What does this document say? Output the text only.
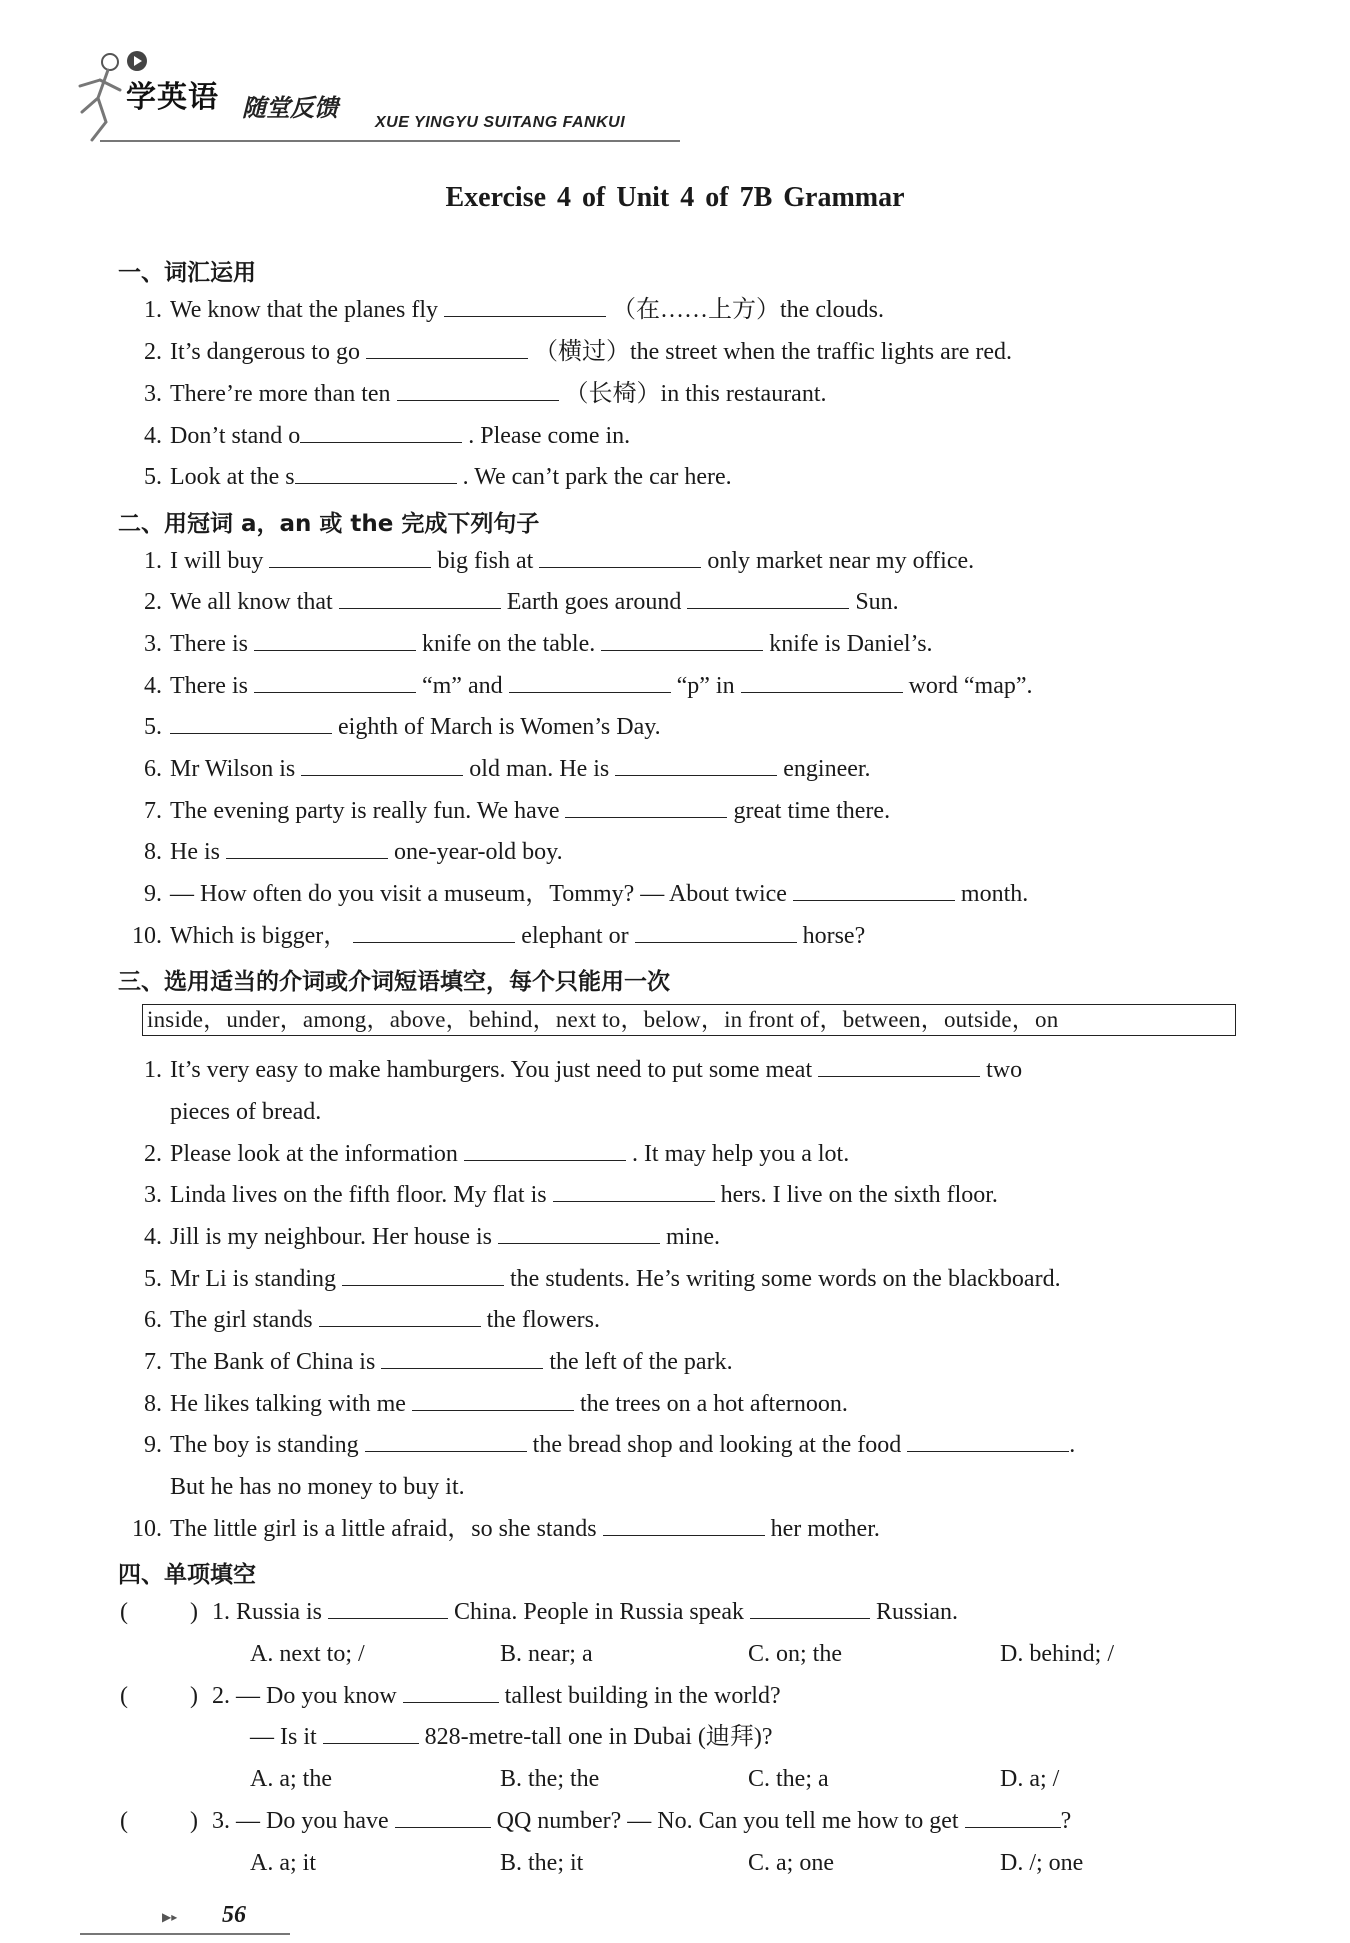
学英语 随堂反馈
XUE YINGYU SUITANG FANKUI
Exercise 4 of Unit 4 of 7B Grammar
一、词汇运用
1. We know that the planes fly	（在……上方）the clouds.
2. It’s dangerous to go	（横过）the street when the traffic lights are red.
3. There’re more than ten	（长椅）in this restaurant.
4. Don’t stand o	. Please come in.
5. Look at the s	. We can’t park the car here.
二、用冠词 a，an 或 the 完成下列句子
1. I will buy	big fish at	only market near my office.
2. We all know that	Earth goes around	Sun.
3. There is	knife on the table.	knife is Daniel’s.
4. There is	“m” and	“p” in	word “map”.
5.	eighth of March is Women’s Day.
6. Mr Wilson is	old man. He is	engineer.
7. The evening party is really fun. We have	great time there.
8. He is	one-year-old boy.
9. — How often do you visit a museum，Tommy? — About twice	month.
10. Which is bigger，	elephant or	horse?
三、选用适当的介词或介词短语填空，每个只能用一次
inside，under，among，above，behind，next to，below，in front of，between，outside，on
1. It’s very easy to make hamburgers. You just need to put some meat	two
pieces of bread.
2. Please look at the information	. It may help you a lot.
3. Linda lives on the fifth floor. My flat is	hers. I live on the sixth floor.
4. Jill is my neighbour. Her house is	mine.
5. Mr Li is standing	the students. He’s writing some words on the blackboard.
6. The girl stands	the flowers.
7. The Bank of China is	the left of the park.
8. He likes talking with me	the trees on a hot afternoon.
9. The boy is standing	the bread shop and looking at the food	.
But he has no money to buy it.
10. The little girl is a little afraid，so she stands	her mother.
四、单项填空
(	) 1. Russia is	China. People in Russia speak	Russian.
A. next to; /	B. near; a	C. on; the	D. behind; /
(	) 2. — Do you know	tallest building in the world?
— Is it	828-metre-tall one in Dubai (迪拜)?
A. a; the	B. the; the	C. the; a	D. a; /
(	) 3. — Do you have	QQ number? — No. Can you tell me how to get	?
A. a; it	B. the; it	C. a; one	D. /; one
▶▸ 56
